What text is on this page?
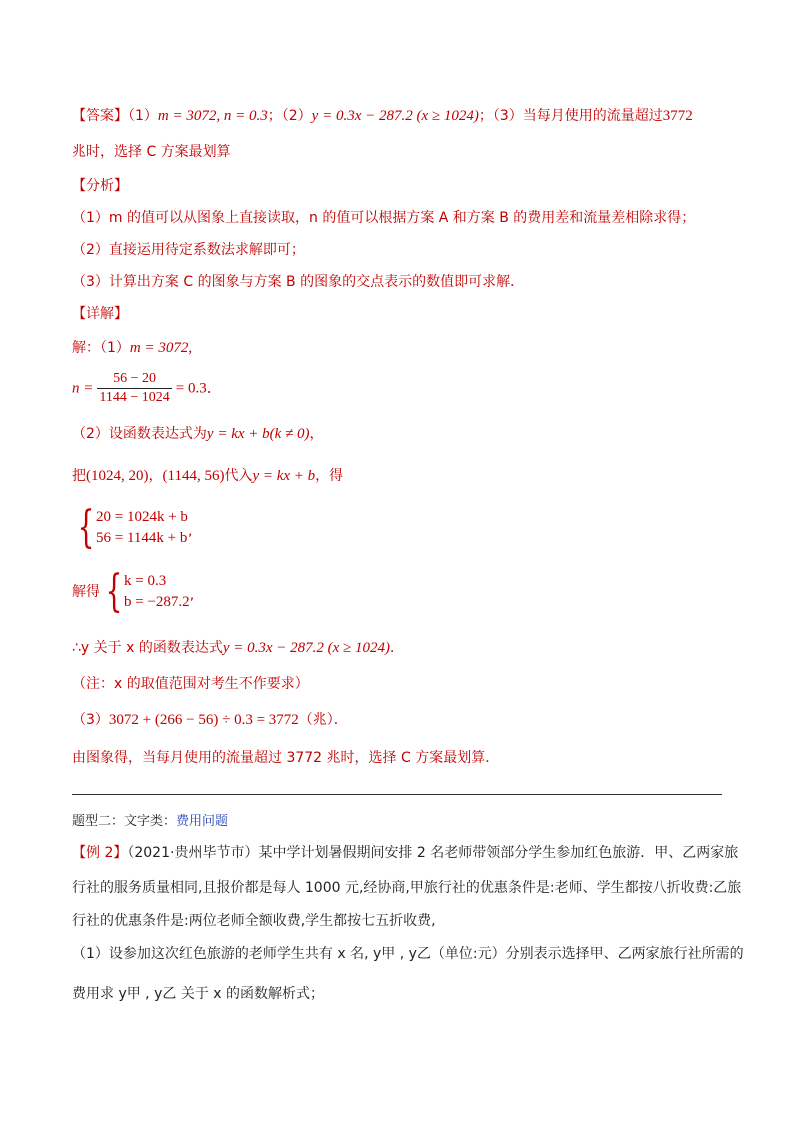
【答案】（1）m = 3072, n = 0.3；（2）y = 0.3x − 287.2 (x ≥ 1024)；（3）当每月使用的流量超过3772
兆时，选择 C 方案最划算
【分析】
（1）m 的值可以从图象上直接读取，n 的值可以根据方案 A 和方案 B 的费用差和流量差相除求得；
（2）直接运用待定系数法求解即可；
（3）计算出方案 C 的图象与方案 B 的图象的交点表示的数值即可求解．
【详解】
解：（1）m = 3072,
$n = \frac{56 - 20}{1144 - 1024} = 0.3$．
（2）设函数表达式为y = kx + b(k ≠ 0)，
把(1024, 20)，(1144, 56)代入y = kx + b，得
{ 20 = 1024k + b
56 = 1144k + b ’
解得 { k = 0.3
b = −287.2 ’
∴y 关于 x 的函数表达式y = 0.3x − 287.2 (x ≥ 1024)．
（注：x 的取值范围对考生不作要求）
（3）3072 + (266 − 56) ÷ 0.3 = 3772（兆）．
由图象得，当每月使用的流量超过 3772 兆时，选择 C 方案最划算．
题型二：文字类：费用问题
【例 2】（2021·贵州毕节市）某中学计划暑假期间安排 2 名老师带领部分学生参加红色旅游．甲、乙两家旅
行社的服务质量相同,且报价都是每人 1000 元,经协商,甲旅行社的优惠条件是:老师、学生都按八折收费:乙旅
行社的优惠条件是:两位老师全额收费,学生都按七五折收费,
（1）设参加这次红色旅游的老师学生共有 x 名, y甲 , y乙（单位:元）分别表示选择甲、乙两家旅行社所需的
费用求 y甲 , y乙 关于 x 的函数解析式；
